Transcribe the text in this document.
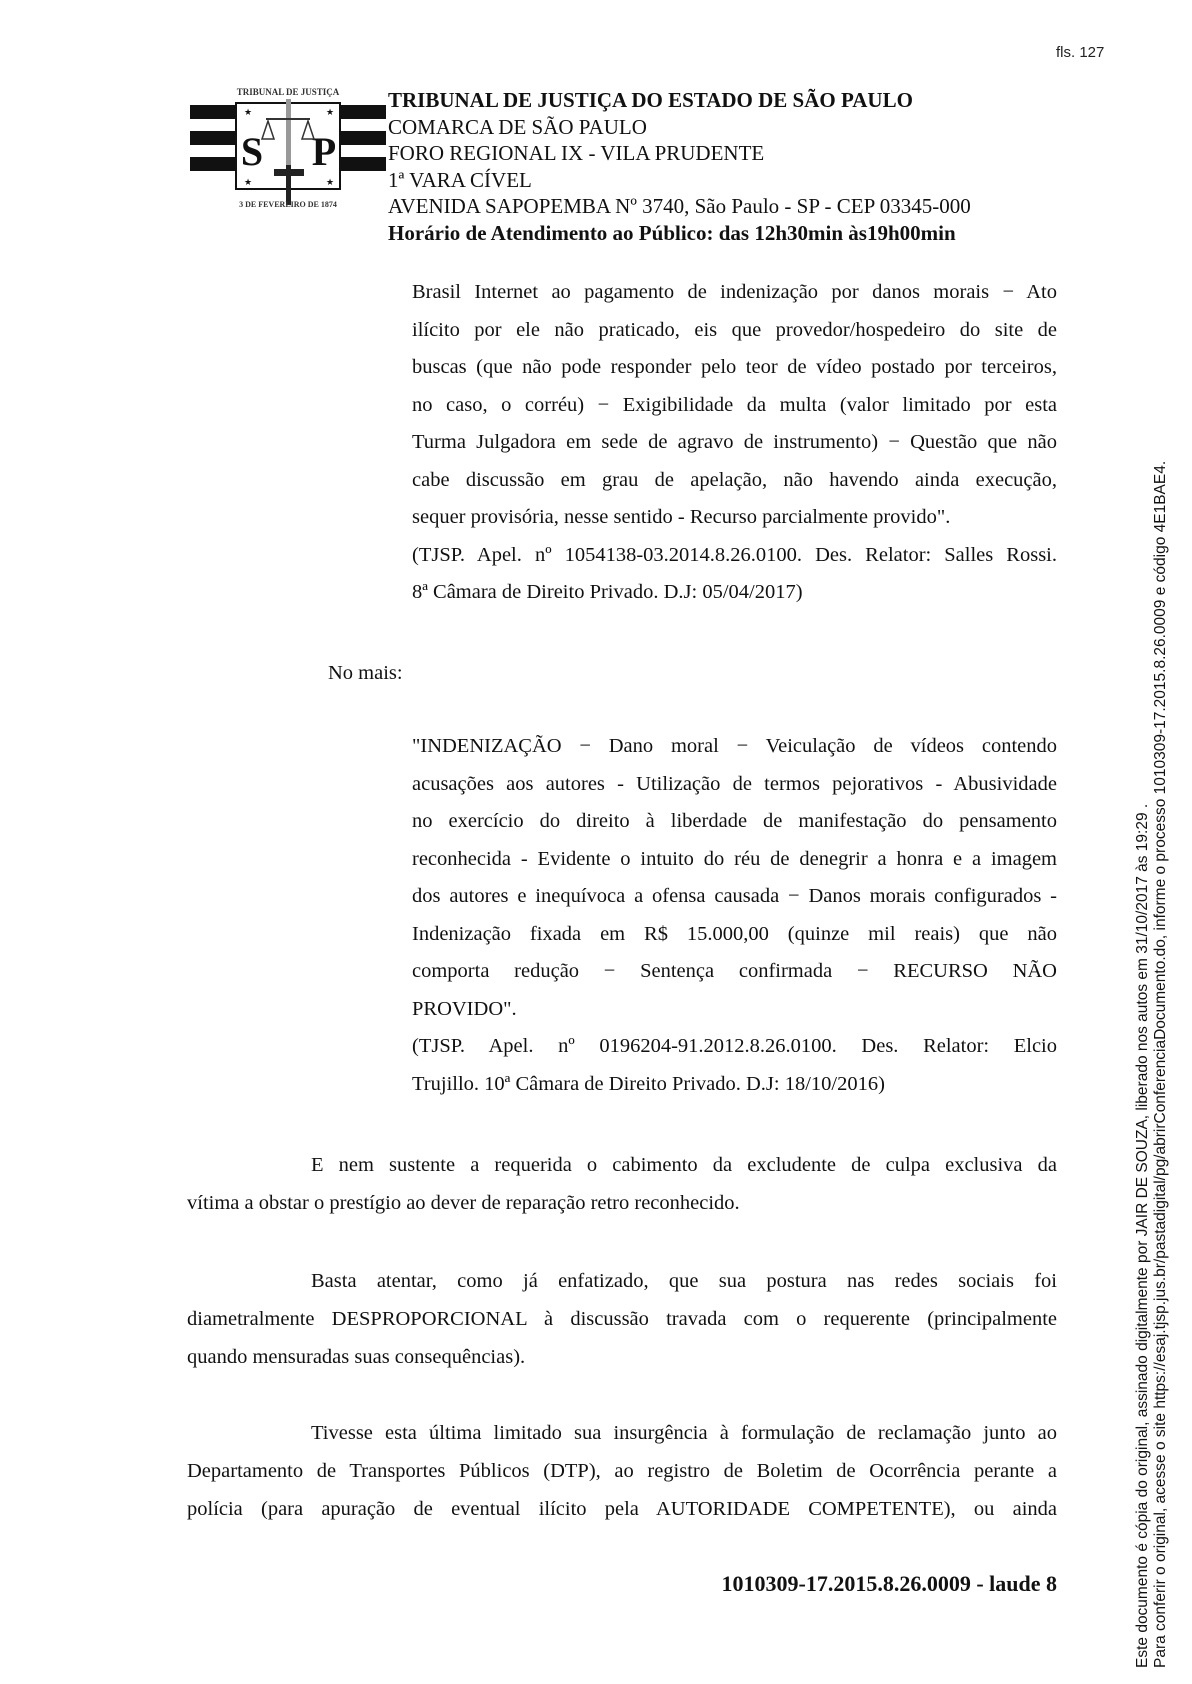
fls. 127
TRIBUNAL DE JUSTIÇA
S P
★	★
★	★
3 DE FEVEREIRO DE 1874
TRIBUNAL DE JUSTIÇA DO ESTADO DE SÃO PAULO
COMARCA DE SÃO PAULO
FORO REGIONAL IX - VILA PRUDENTE
1ª VARA CÍVEL
AVENIDA SAPOPEMBA Nº 3740, São Paulo - SP - CEP 03345-000
Horário de Atendimento ao Público: das 12h30min às19h00min
Brasil Internet ao pagamento de indenização por danos morais − Ato
ilícito por ele não praticado, eis que provedor/hospedeiro do site de
buscas (que não pode responder pelo teor de vídeo postado por terceiros,
no caso, o corréu) − Exigibilidade da multa (valor limitado por esta
Turma Julgadora em sede de agravo de instrumento) − Questão que não
cabe discussão em grau de apelação, não havendo ainda execução,
sequer provisória, nesse sentido - Recurso parcialmente provido".
(TJSP. Apel. nº 1054138-03.2014.8.26.0100. Des. Relator: Salles Rossi.
8ª Câmara de Direito Privado. D.J: 05/04/2017)
No mais:
"INDENIZAÇÃO − Dano moral − Veiculação de vídeos contendo
acusações aos autores - Utilização de termos pejorativos - Abusividade
no exercício do direito à liberdade de manifestação do pensamento
reconhecida - Evidente o intuito do réu de denegrir a honra e a imagem
dos autores e inequívoca a ofensa causada − Danos morais configurados -
Indenização fixada em R$ 15.000,00 (quinze mil reais) que não
comporta redução − Sentença confirmada − RECURSO NÃO
PROVIDO".
(TJSP. Apel. nº 0196204-91.2012.8.26.0100. Des. Relator: Elcio
Trujillo. 10ª Câmara de Direito Privado. D.J: 18/10/2016)
E nem sustente a requerida o cabimento da excludente de culpa exclusiva da
vítima a obstar o prestígio ao dever de reparação retro reconhecido.
Basta atentar, como já enfatizado, que sua postura nas redes sociais foi
diametralmente DESPROPORCIONAL à discussão travada com o requerente (principalmente
quando mensuradas suas consequências).
Tivesse esta última limitado sua insurgência à formulação de reclamação junto ao
Departamento de Transportes Públicos (DTP), ao registro de Boletim de Ocorrência perante a
polícia (para apuração de eventual ilícito pela AUTORIDADE COMPETENTE), ou ainda
1010309-17.2015.8.26.0009 - laude 8	Este documento é cópia do original, assinado digitalmente por JAIR DE SOUZA, liberado nos autos em 31/10/2017 às 19:29 . Para conferir o original, acesse o site https://esaj.tjsp.jus.br/pastadigital/pg/abrirConferenciaDocumento.do, informe o processo 1010309-17.2015.8.26.0009 e código 4E1BAE4.
